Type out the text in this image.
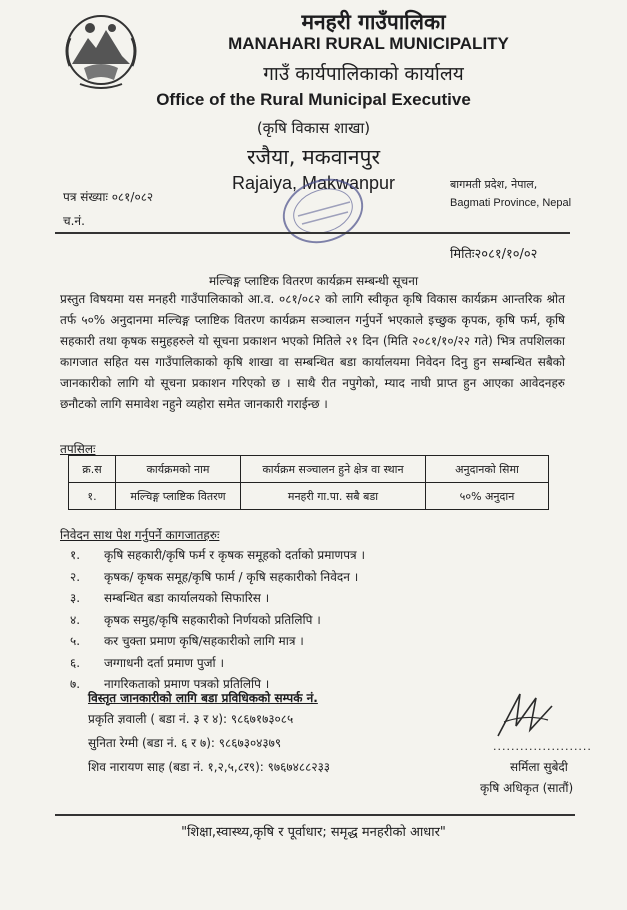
मनहरी गाउँपालिका
MANAHARI RURAL MUNICIPALITY
गाउँ कार्यपालिकाको कार्यालय
Office of the Rural Municipal Executive
(कृषि विकास शाखा)
रजैया, मकवानपुर
Rajaiya, Makwanpur
पत्र संख्याः ०८१/०८२
च.नं.
बागमती प्रदेश, नेपाल,
Bagmati Province, Nepal
मितिः२०८१/१०/०२
मल्चिङ्ग प्लाष्टिक वितरण कार्यक्रम सम्बन्धी सूचना
प्रस्तुत विषयमा यस मनहरी गाउँपालिकाको आ.व. ०८१/०८२ को लागि स्वीकृत कृषि विकास कार्यक्रम आन्तरिक श्रोत तर्फ ५०% अनुदानमा मल्चिङ्ग प्लाष्टिक वितरण कार्यक्रम सञ्चालन गर्नुपर्ने भएकाले इच्छुक कृपक, कृषि फर्म, कृषि सहकारी तथा कृषक समुहहरुले यो सूचना प्रकाशन भएको मितिले २१ दिन (मिति २०८१/१०/२२ गते) भित्र तपशिलका कागजात सहित यस गाउँपालिकाको कृषि शाखा वा सम्बन्धित बडा कार्यालयमा निवेदन दिनु हुन सम्बन्धित सबैको जानकारीको लागि यो सूचना प्रकाशन गरिएको छ । साथै रीत नपुगेको, म्याद नाघी प्राप्त हुन आएका आवेदनहरु छनौटको लागि समावेश नहुने व्यहोरा समेत जानकारी गराईन्छ ।
तपसिलः
क्र.स	कार्यक्रमको नाम	कार्यक्रम सञ्चालन हुने क्षेत्र वा स्थान	अनुदानको सिमा
१.	मल्चिङ्ग प्लाष्टिक वितरण	मनहरी गा.पा. सबै बडा	५०% अनुदान
निवेदन साथ पेश गर्नुपर्ने कागजातहरुः
१.	कृषि सहकारी/कृषि फर्म र कृषक समूहको दर्ताको प्रमाणपत्र ।
२.	कृषक/ कृषक समूह/कृषि फार्म / कृषि सहकारीको निवेदन ।
३.	सम्बन्धित बडा कार्यालयको सिफारिस ।
४.	कृषक समुह/कृषि सहकारीको निर्णयको प्रतिलिपि ।
५.	कर चुक्ता प्रमाण कृषि/सहकारीको लागि मात्र ।
६.	जग्गाधनी दर्ता प्रमाण पुर्जा ।
७.	नागरिकताको प्रमाण पत्रको प्रतिलिपि ।
विस्तृत जानकारीको लागि बडा प्रविधिकको सम्पर्क नं.
प्रकृति ज्ञवाली ( बडा नं. ३ र ४): ९८६७१७३०८५
सुनिता रेग्मी (बडा नं. ६ र ७): ९८६७३०४३७९
शिव नारायण साह (बडा नं. १,२,५,८र९): ९७६७४८८२३३
......................
सर्मिला सुबेदी
कृषि अधिकृत (सातौं)
"शिक्षा,स्वास्थ्य,कृषि र पूर्वाधार; समृद्ध मनहरीको आधार"
